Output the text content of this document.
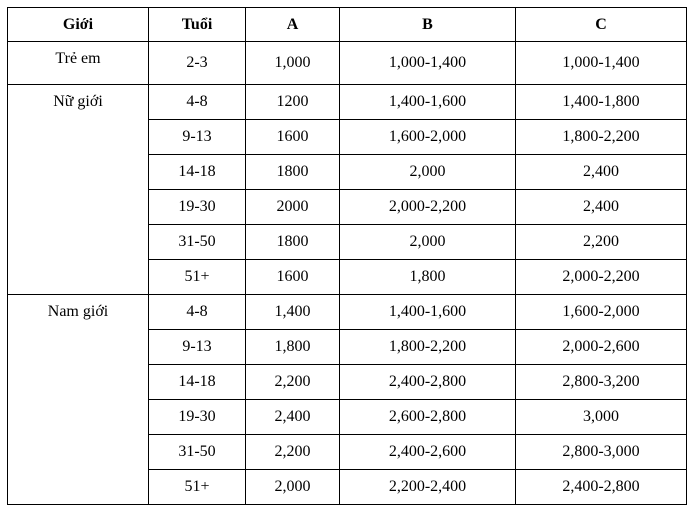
Giới	Tuổi	A	B	C
Trẻ em	2-3	1,000	1,000-1,400	1,000-1,400
Nữ giới	4-8	1200	1,400-1,600	1,400-1,800
	9-13	1600	1,600-2,000	1,800-2,200
	14-18	1800	2,000	2,400
	19-30	2000	2,000-2,200	2,400
	31-50	1800	2,000	2,200
	51+	1600	1,800	2,000-2,200
Nam giới	4-8	1,400	1,400-1,600	1,600-2,000
	9-13	1,800	1,800-2,200	2,000-2,600
	14-18	2,200	2,400-2,800	2,800-3,200
	19-30	2,400	2,600-2,800	3,000
	31-50	2,200	2,400-2,600	2,800-3,000
	51+	2,000	2,200-2,400	2,400-2,800
